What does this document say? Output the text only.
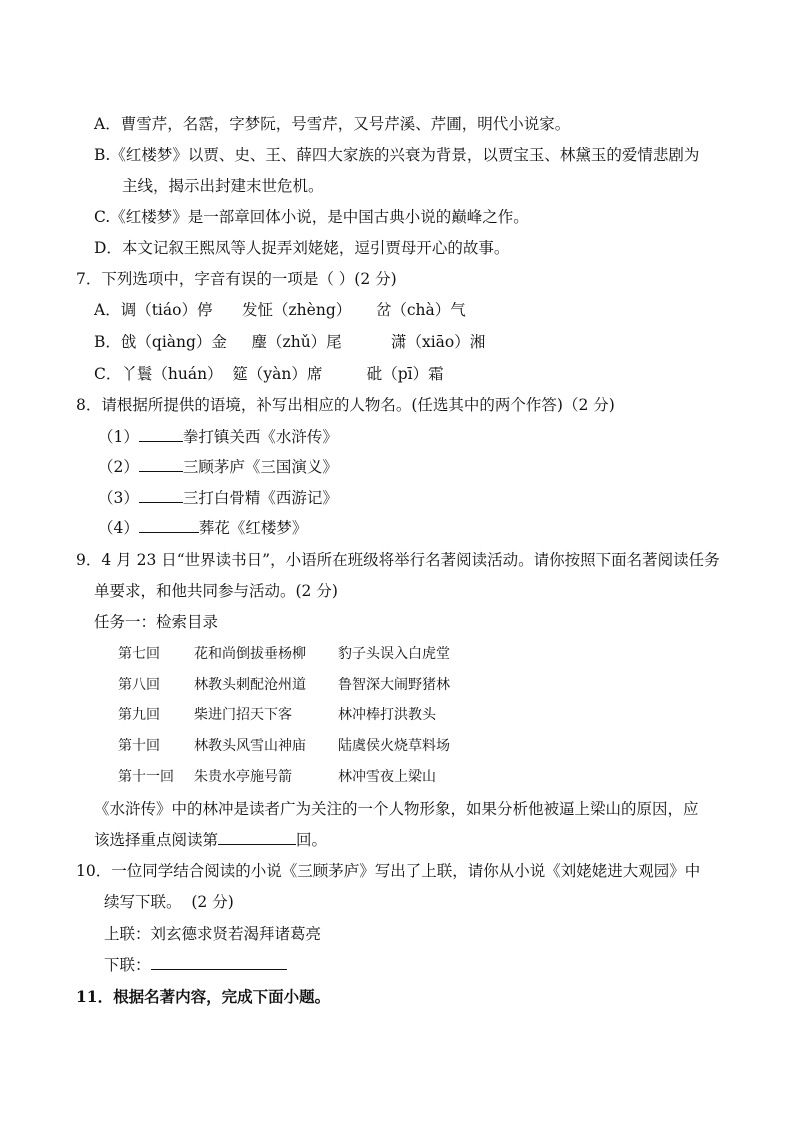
A．曹雪芹，名霑，字梦阮，号雪芹，又号芹溪、芹圃，明代小说家。
B.《红楼梦》以贾、史、王、薛四大家族的兴衰为背景，以贾宝玉、林黛玉的爱情悲剧为
主线，揭示出封建末世危机。
C.《红楼梦》是一部章回体小说，是中国古典小说的巅峰之作。
D．本文记叙王熙凤等人捉弄刘姥姥，逗引贾母开心的故事。
7．下列选项中，字音有误的一项是（ ）(2 分)
A．调（tiáo）停      发怔（zhèng）     岔（chà）气
B．戗（qiàng）金     麈（zhǔ）尾          潇（xiāo）湘
C．丫鬟（huán）  筵（yàn）席         砒（pī）霜
8．请根据所提供的语境，补写出相应的人物名。(任选其中的两个作答)（2 分)
（1）	拳打镇关西《水浒传》
（2）	三顾茅庐《三国演义》
（3）	三打白骨精《西游记》
（4）	葬花《红楼梦》
9．4 月 23 日“世界读书日”，小语所在班级将举行名著阅读活动。请你按照下面名著阅读任务
单要求，和他共同参与活动。(2 分)
任务一：检索目录
第七回 花和尚倒拔垂杨柳 豹子头误入白虎堂
第八回 林教头刺配沧州道 鲁智深大闹野猪林
第九回 柴进门招天下客	林冲棒打洪教头
第十回 林教头风雪山神庙 陆虞侯火烧草料场
第十一回 朱贵水亭施号箭	林冲雪夜上梁山
《水浒传》中的林冲是读者广为关注的一个人物形象，如果分析他被逼上梁山的原因，应
该选择重点阅读第	回。
10．一位同学结合阅读的小说《三顾茅庐》写出了上联，请你从小说《刘姥姥进大观园》中
续写下联。  (2 分)
上联：刘玄德求贤若渴拜诸葛亮
下联：
11．根据名著内容，完成下面小题。
